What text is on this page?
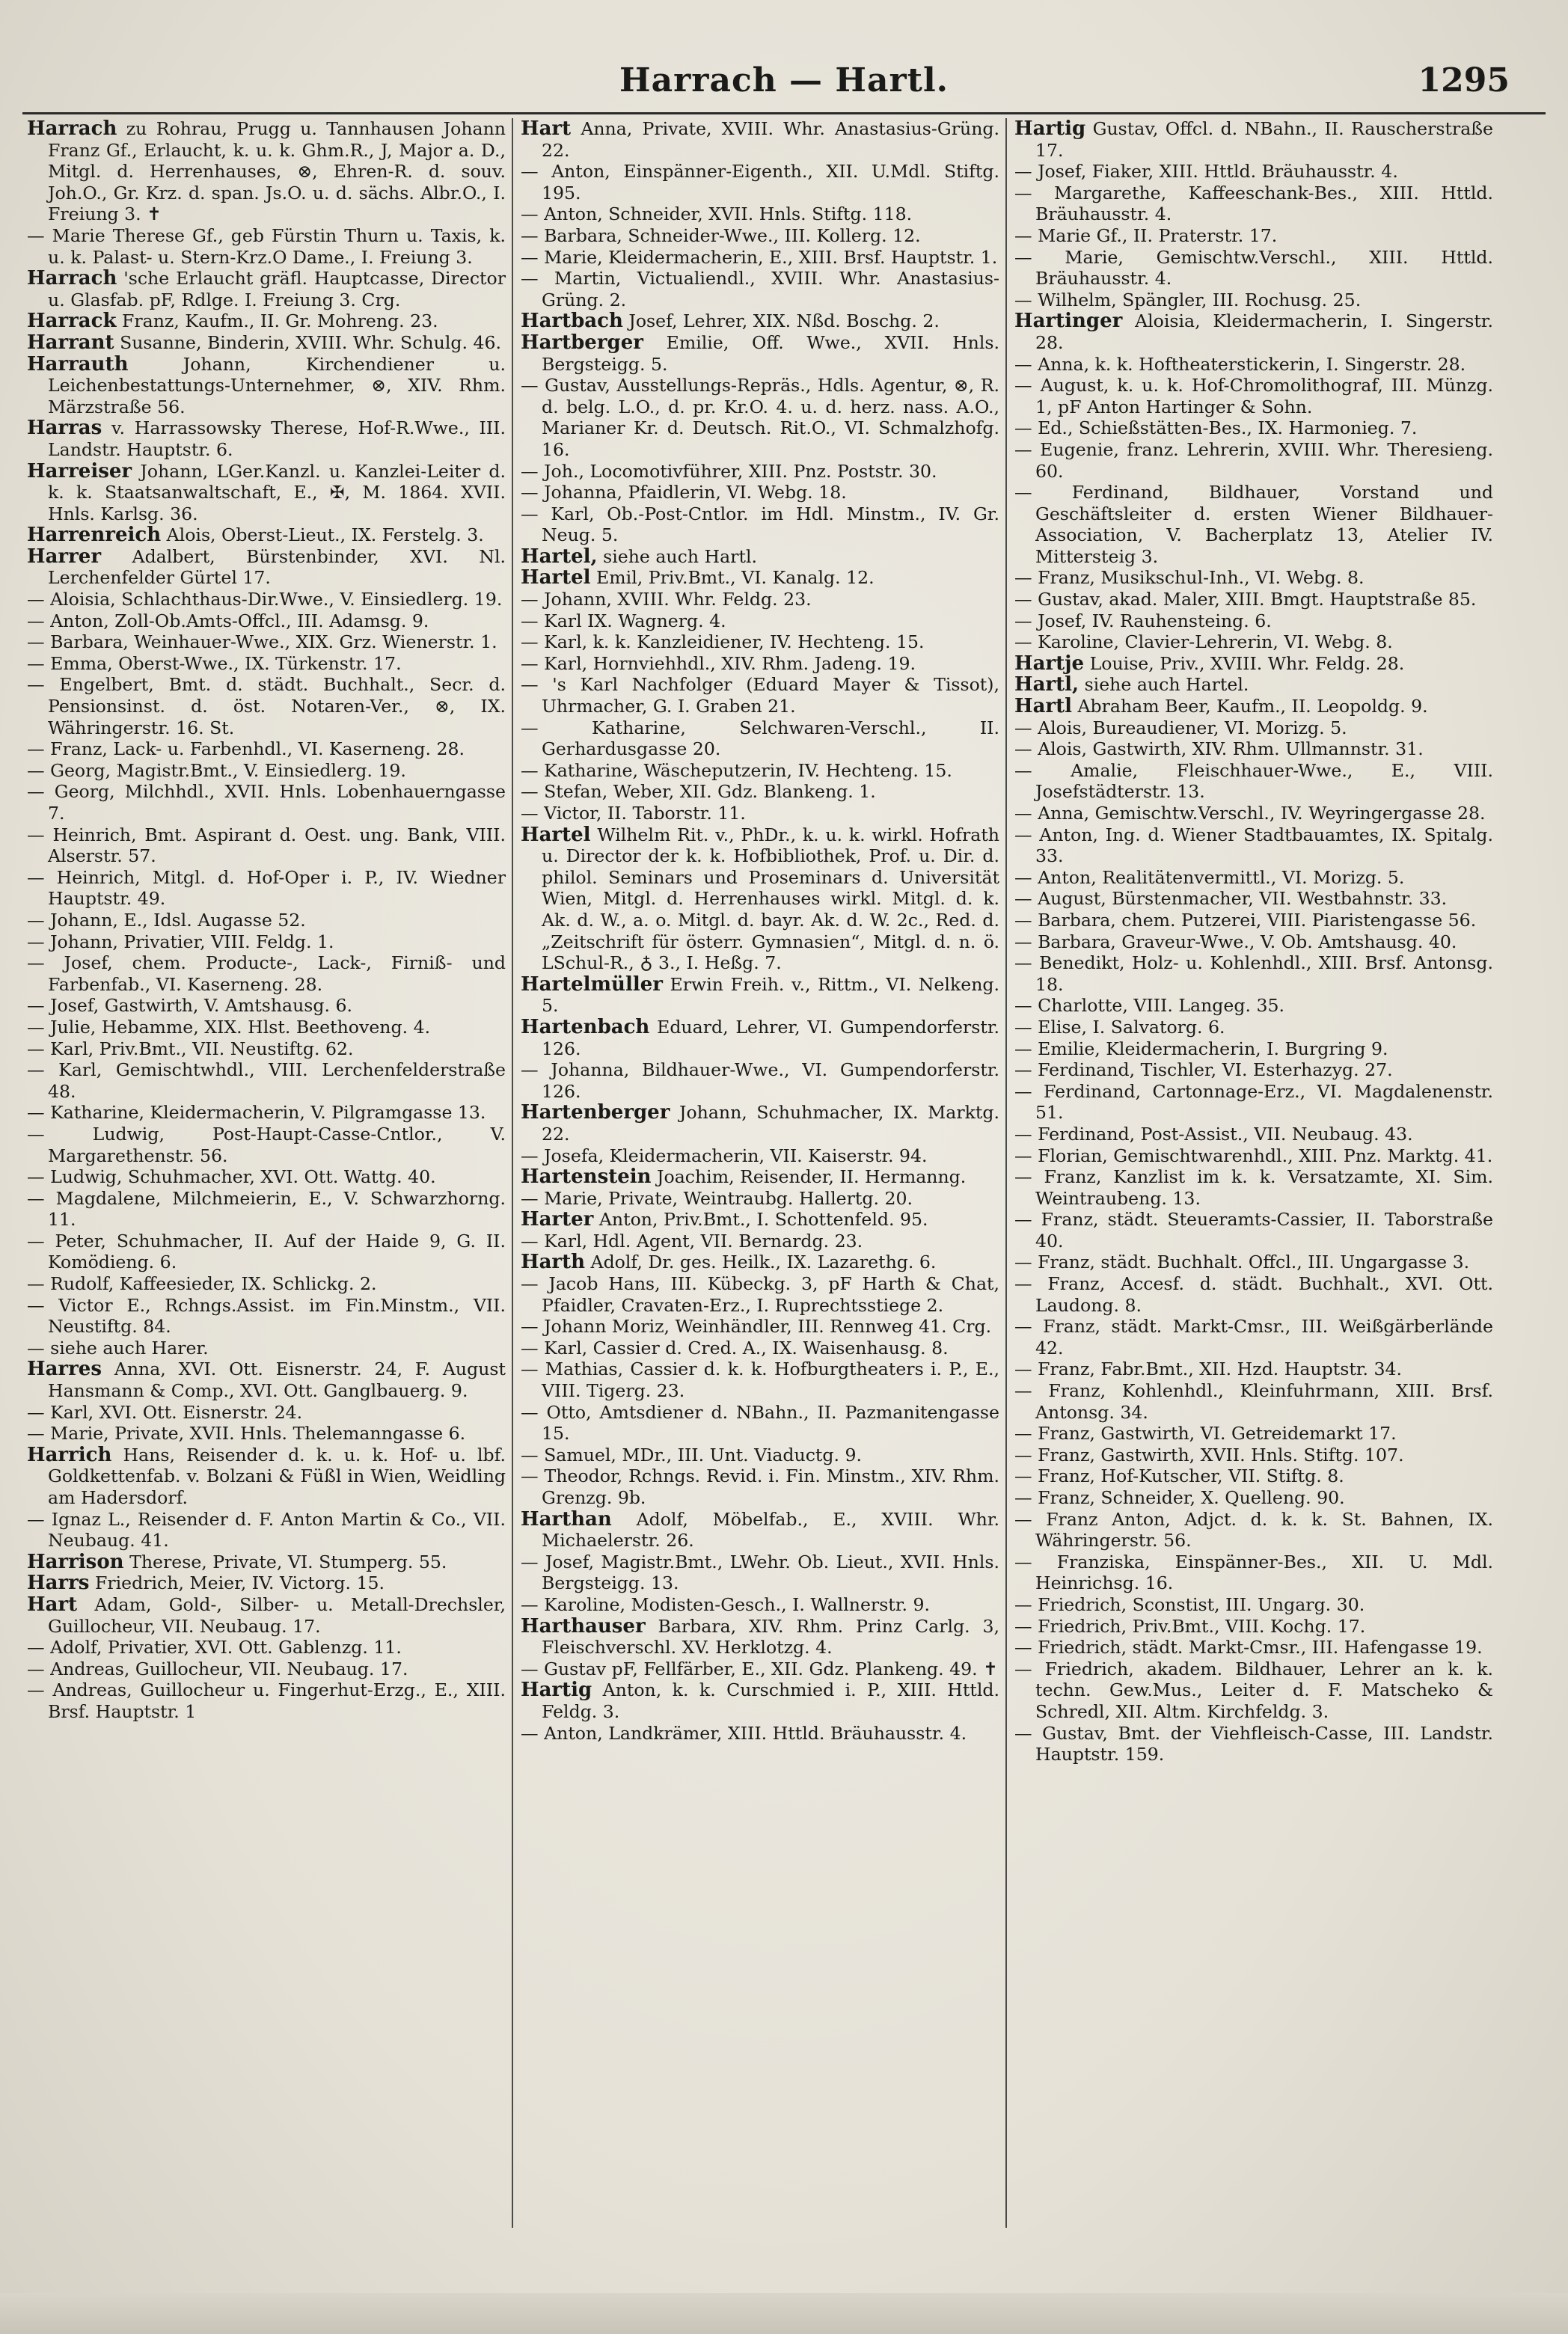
Harrach — Hartl.	1295

Harrach zu Rohrau, Prugg u. Tannhausen Johann Franz Gf., Erlaucht, k. u. k. Ghm.R., J, Major a. D., Mitgl. d. Herrenhauses, ⊗, Ehren-R. d. souv. Joh.O., Gr. Krz. d. span. Js.O. u. d. sächs. Albr.O., I. Freiung 3. ✝

— Marie Therese Gf., geb Fürstin Thurn u. Taxis, k. u. k. Palast- u. Stern-Krz.O Dame., I. Freiung 3.

Harrach 'sche Erlaucht gräfl. Hauptcasse, Director u. Glasfab. pF, Rdlge. I. Freiung 3. Crg.

Harrack Franz, Kaufm., II. Gr. Mohreng. 23.

Harrant Susanne, Binderin, XVIII. Whr. Schulg. 46.

Harrauth	Johann, Kirchendiener u. Leichenbestattungs-Unternehmer, ⊗, XIV. Rhm. Märzstraße 56.

Harras v. Harrassowsky Therese, Hof-R.Wwe., III. Landstr. Hauptstr. 6.

Harreiser Johann, LGer.Kanzl. u. Kanzlei-Leiter d. k. k. Staatsanwaltschaft, E., ✠, M. 1864. XVII. Hnls. Karlsg. 36.

Harrenreich Alois, Oberst-Lieut., IX. Ferstelg. 3.

Harrer Adalbert, Bürstenbinder, XVI. Nl. Lerchenfelder Gürtel 17.

— Aloisia, Schlachthaus-Dir.Wwe., V. Einsiedlerg. 19.

— Anton, Zoll-Ob.Amts-Offcl., III. Adamsg. 9.

— Barbara, Weinhauer-Wwe., XIX. Grz. Wienerstr. 1.

— Emma, Oberst-Wwe., IX. Türkenstr. 17.

— Engelbert, Bmt. d. städt. Buchhalt., Secr. d. Pensionsinst. d. öst. Notaren-Ver., ⊗, IX. Währingerstr. 16. St.

— Franz, Lack- u. Farbenhdl., VI. Kaserneng. 28.

— Georg, Magistr.Bmt., V. Einsiedlerg. 19.

— Georg, Milchhdl., XVII. Hnls. Lobenhauerngasse 7.

— Heinrich, Bmt. Aspirant d. Oest. ung. Bank, VIII. Alserstr. 57.

— Heinrich, Mitgl. d. Hof-Oper i. P., IV. Wiedner Hauptstr. 49.

— Johann, E., Idsl. Augasse 52.

— Johann, Privatier, VIII. Feldg. 1.

— Josef, chem. Producte-, Lack-, Firniß- und Farbenfab., VI. Kaserneng. 28.

— Josef, Gastwirth, V. Amtshausg. 6.

— Julie, Hebamme, XIX. Hlst. Beethoveng. 4.

— Karl, Priv.Bmt., VII. Neustiftg. 62.

— Karl, Gemischtwhdl., VIII. Lerchenfelderstraße 48.

— Katharine, Kleidermacherin, V. Pilgramgasse 13.

— Ludwig, Post-Haupt-Casse-Cntlor., V. Margarethenstr. 56.

— Ludwig, Schuhmacher, XVI. Ott. Wattg. 40.

— Magdalene, Milchmeierin, E., V. Schwarzhorng. 11.

— Peter, Schuhmacher, II. Auf der Haide 9, G. II. Komödieng. 6.

— Rudolf, Kaffeesieder, IX. Schlickg. 2.

— Victor E., Rchngs.Assist. im Fin.Minstm., VII. Neustiftg. 84.

— siehe auch Harer.

Harres Anna, XVI. Ott. Eisnerstr. 24, F. August Hansmann & Comp., XVI. Ott. Ganglbauerg. 9.

— Karl, XVI. Ott. Eisnerstr. 24.

— Marie, Private, XVII. Hnls. Thelemanngasse 6.

Harrich Hans, Reisender d. k. u. k. Hof- u. lbf. Goldkettenfab. v. Bolzani & Füßl in Wien, Weidling am Hadersdorf.

— Ignaz L., Reisender d. F. Anton Martin & Co., VII. Neubaug. 41.

Harrison Therese, Private, VI. Stumperg. 55.

Harrs Friedrich, Meier, IV. Victorg. 15.

Hart Adam, Gold-, Silber- u. Metall-Drechsler, Guillocheur, VII. Neubaug. 17.

— Adolf, Privatier, XVI. Ott. Gablenzg. 11.

— Andreas, Guillocheur, VII. Neubaug. 17.

— Andreas, Guillocheur u. Fingerhut-Erzg., E., XIII. Brsf. Hauptstr. 1

Hart Anna, Private, XVIII. Whr. Anastasius-Grüng. 22.

— Anton, Einspänner-Eigenth., XII. U.Mdl. Stiftg. 195.

— Anton, Schneider, XVII. Hnls. Stiftg. 118.

— Barbara, Schneider-Wwe., III. Kollerg. 12.

— Marie, Kleidermacherin, E., XIII. Brsf. Hauptstr. 1.

— Martin, Victualiendl., XVIII. Whr. Anastasius-Grüng. 2.

Hartbach Josef, Lehrer, XIX. Nßd. Boschg. 2.

Hartberger Emilie, Off. Wwe., XVII. Hnls. Bergsteigg. 5.

— Gustav, Ausstellungs-Repräs., Hdls. Agentur, ⊗, R. d. belg. L.O., d. pr. Kr.O. 4. u. d. herz. nass. A.O., Marianer Kr. d. Deutsch. Rit.O., VI. Schmalzhofg. 16.

— Joh., Locomotivführer, XIII. Pnz. Poststr. 30.

— Johanna, Pfaidlerin, VI. Webg. 18.

— Karl, Ob.-Post-Cntlor. im Hdl. Minstm., IV. Gr. Neug. 5.

Hartel, siehe auch Hartl.

Hartel Emil, Priv.Bmt., VI. Kanalg. 12.

— Johann, XVIII. Whr. Feldg. 23.

— Karl IX. Wagnerg. 4.

— Karl, k. k. Kanzleidiener, IV. Hechteng. 15.

— Karl, Hornviehhdl., XIV. Rhm. Jadeng. 19.

— 's Karl Nachfolger (Eduard Mayer & Tissot), Uhrmacher, G. I. Graben 21.

— Katharine, Selchwaren-Verschl., II. Gerhardusgasse 20.

— Katharine, Wäscheputzerin, IV. Hechteng. 15.

— Stefan, Weber, XII. Gdz. Blankeng. 1.

— Victor, II. Taborstr. 11.

Hartel Wilhelm Rit. v., PhDr., k. u. k. wirkl. Hofrath u. Director der k. k. Hofbibliothek, Prof. u. Dir. d. philol. Seminars und Proseminars d. Universität Wien, Mitgl. d. Herrenhauses wirkl. Mitgl. d. k. Ak. d. W., a. o. Mitgl. d. bayr. Ak. d. W. 2c., Red. d. „Zeitschrift für österr. Gymnasien“, Mitgl. d. n. ö. LSchul-R., ♁ 3., I. Heßg. 7.

Hartelmüller Erwin Freih. v., Rittm., VI. Nelkeng. 5.

Hartenbach Eduard, Lehrer, VI. Gumpendorferstr. 126.

— Johanna, Bildhauer-Wwe., VI. Gumpendorferstr. 126.

Hartenberger Johann, Schuhmacher, IX. Marktg. 22.

— Josefa, Kleidermacherin, VII. Kaiserstr. 94.

Hartenstein Joachim, Reisender, II. Hermanng.

— Marie, Private, Weintraubg. Hallertg. 20.

Harter Anton, Priv.Bmt., I. Schottenfeld. 95.

— Karl, Hdl. Agent, VII. Bernardg. 23.

Harth Adolf, Dr. ges. Heilk., IX. Lazarethg. 6.

— Jacob Hans, III. Kübeckg. 3, pF Harth & Chat, Pfaidler, Cravaten-Erz., I. Ruprechtsstiege 2.

— Johann Moriz, Weinhändler, III. Rennweg 41. Crg.

— Karl, Cassier d. Cred. A., IX. Waisenhausg. 8.

— Mathias, Cassier d. k. k. Hofburgtheaters i. P., E., VIII. Tigerg. 23.

— Otto, Amtsdiener d. NBahn., II. Pazmanitengasse 15.

— Samuel, MDr., III. Unt. Viaductg. 9.

— Theodor, Rchngs. Revid. i. Fin. Minstm., XIV. Rhm. Grenzg. 9b.

Harthan Adolf, Möbelfab., E., XVIII. Whr. Michaelerstr. 26.

— Josef, Magistr.Bmt., LWehr. Ob. Lieut., XVII. Hnls. Bergsteigg. 13.

— Karoline, Modisten-Gesch., I. Wallnerstr. 9.

Harthauser Barbara, XIV. Rhm. Prinz Carlg. 3, Fleischverschl. XV. Herklotzg. 4.

— Gustav pF, Fellfärber, E., XII. Gdz. Plankeng. 49. ✝

Hartig Anton, k. k. Curschmied i. P., XIII. Httld. Feldg. 3.

— Anton, Landkrämer, XIII. Httld. Bräuhausstr. 4.

Hartig Gustav, Offcl. d. NBahn., II. Rauscherstraße 17.

— Josef, Fiaker, XIII. Httld. Bräuhausstr. 4.

— Margarethe, Kaffeeschank-Bes., XIII. Httld. Bräuhausstr. 4.

— Marie Gf., II. Praterstr. 17.

— Marie, Gemischtw.Verschl., XIII. Httld. Bräuhausstr. 4.

— Wilhelm, Spängler, III. Rochusg. 25.

Hartinger Aloisia, Kleidermacherin, I. Singerstr. 28.

— Anna, k. k. Hoftheaterstickerin, I. Singerstr. 28.

— August, k. u. k. Hof-Chromolithograf, III. Münzg. 1, pF Anton Hartinger & Sohn.

— Ed., Schießstätten-Bes., IX. Harmonieg. 7.

— Eugenie, franz. Lehrerin, XVIII. Whr. Theresieng. 60.

— Ferdinand, Bildhauer, Vorstand und Geschäftsleiter d. ersten Wiener Bildhauer-Association, V. Bacherplatz 13, Atelier IV. Mittersteig 3.

— Franz, Musikschul-Inh., VI. Webg. 8.

— Gustav, akad. Maler, XIII. Bmgt. Hauptstraße 85.

— Josef, IV. Rauhensteing. 6.

— Karoline, Clavier-Lehrerin, VI. Webg. 8.

Hartje Louise, Priv., XVIII. Whr. Feldg. 28.

Hartl, siehe auch Hartel.

Hartl Abraham Beer, Kaufm., II. Leopoldg. 9.

— Alois, Bureaudiener, VI. Morizg. 5.

— Alois, Gastwirth, XIV. Rhm. Ullmannstr. 31.

— Amalie, Fleischhauer-Wwe., E., VIII. Josefstädterstr. 13.

— Anna, Gemischtw.Verschl., IV. Weyringergasse 28.

— Anton, Ing. d. Wiener Stadtbauamtes, IX. Spitalg. 33.

— Anton, Realitätenvermittl., VI. Morizg. 5.

— August, Bürstenmacher, VII. Westbahnstr. 33.

— Barbara, chem. Putzerei, VIII. Piaristengasse 56.

— Barbara, Graveur-Wwe., V. Ob. Amtshausg. 40.

— Benedikt, Holz- u. Kohlenhdl., XIII. Brsf. Antonsg. 18.

— Charlotte, VIII. Langeg. 35.

— Elise, I. Salvatorg. 6.

— Emilie, Kleidermacherin, I. Burgring 9.

— Ferdinand, Tischler, VI. Esterhazyg. 27.

— Ferdinand, Cartonnage-Erz., VI. Magdalenenstr. 51.

— Ferdinand, Post-Assist., VII. Neubaug. 43.

— Florian, Gemischtwarenhdl., XIII. Pnz. Marktg. 41.

— Franz, Kanzlist im k. k. Versatzamte, XI. Sim. Weintraubeng. 13.

— Franz, städt. Steueramts-Cassier, II. Taborstraße 40.

— Franz, städt. Buchhalt. Offcl., III. Ungargasse 3.

— Franz, Accesf. d. städt. Buchhalt., XVI. Ott. Laudong. 8.

— Franz, städt. Markt-Cmsr., III. Weißgärberlände 42.

— Franz, Fabr.Bmt., XII. Hzd. Hauptstr. 34.

— Franz, Kohlenhdl., Kleinfuhrmann, XIII. Brsf. Antonsg. 34.

— Franz, Gastwirth, VI. Getreidemarkt 17.

— Franz, Gastwirth, XVII. Hnls. Stiftg. 107.

— Franz, Hof-Kutscher, VII. Stiftg. 8.

— Franz, Schneider, X. Quelleng. 90.

— Franz Anton, Adjct. d. k. k. St. Bahnen, IX. Währingerstr. 56.

— Franziska, Einspänner-Bes., XII. U. Mdl. Heinrichsg. 16.

— Friedrich, Sconstist, III. Ungarg. 30.

— Friedrich, Priv.Bmt., VIII. Kochg. 17.

— Friedrich, städt. Markt-Cmsr., III. Hafengasse 19.

— Friedrich, akadem. Bildhauer, Lehrer an k. k. techn. Gew.Mus., Leiter d. F. Matscheko & Schredl, XII. Altm. Kirchfeldg. 3.

— Gustav, Bmt. der Viehfleisch-Casse, III. Landstr. Hauptstr. 159.
